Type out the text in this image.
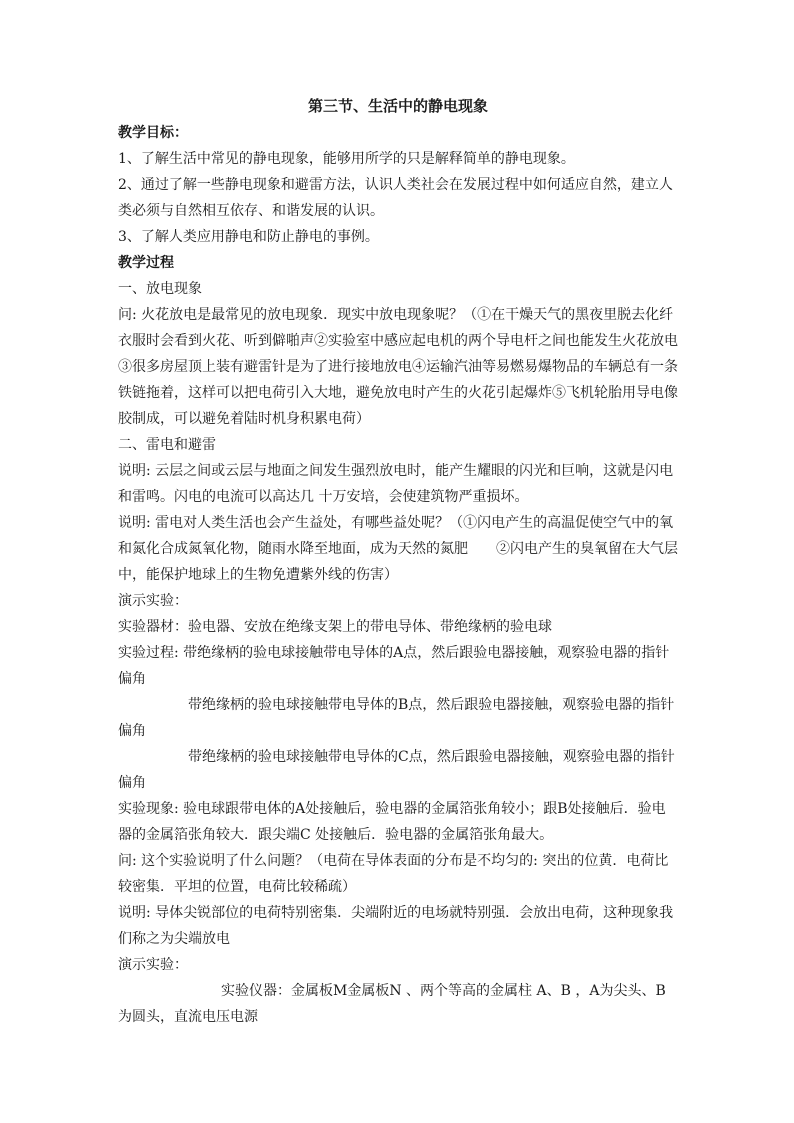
第三节、生活中的静电现象
教学目标：
1、了解生活中常见的静电现象，能够用所学的只是解释简单的静电现象。
2、通过了解一些静电现象和避雷方法，认识人类社会在发展过程中如何适应自然，建立人类必须与自然相互依存、和谐发展的认识。
3、了解人类应用静电和防止静电的事例。
教学过程
一、放电现象
问: 火花放电是最常见的放电现象．现实中放电现象呢？（①在干燥天气的黑夜里脱去化纤衣服时会看到火花、听到僻啪声②实验室中感应起电机的两个导电杆之间也能发生火花放电③很多房屋顶上装有避雷针是为了进行接地放电④运输汽油等易燃易爆物品的车辆总有一条铁链拖着，这样可以把电荷引入大地，避免放电时产生的火花引起爆炸⑤飞机轮胎用导电像胶制成，可以避免着陆时机身积累电荷）
二、雷电和避雷
说明: 云层之间或云层与地面之间发生强烈放电时，能产生耀眼的闪光和巨响，这就是闪电和雷鸣。闪电的电流可以高达几 十万安培，会使建筑物严重损坏。
说明: 雷电对人类生活也会产生益处，有哪些益处呢？（①闪电产生的高温促使空气中的氧和氮化合成氮氧化物，随雨水降至地面，成为天然的氮肥 ②闪电产生的臭氧留在大气层中，能保护地球上的生物免遭紫外线的伤害）
演示实验：
实验器材：验电器、安放在绝缘支架上的带电导体、带绝缘柄的验电球
实验过程: 带绝缘柄的验电球接触带电导体的A点，然后跟验电器接触，观察验电器的指针偏角
带绝缘柄的验电球接触带电导体的B点，然后跟验电器接触，观察验电器的指针偏角
带绝缘柄的验电球接触带电导体的C点，然后跟验电器接触，观察验电器的指针偏角
实验现象: 验电球跟带电体的A处接触后，验电器的金属箔张角较小；跟B处接触后．验电器的金属箔张角较大．跟尖端C 处接触后．验电器的金属箔张角最大。
问: 这个实验说明了什么问题？（电荷在导体表面的分布是不均匀的: 突出的位黄．电荷比较密集．平坦的位置，电荷比较稀疏）
说明: 导体尖锐部位的电荷特别密集．尖端附近的电场就特别强．会放出电荷，这种现象我们称之为尖端放电
演示实验：
实验仪器：金属板M金属板N 、两个等高的金属柱 A、B ，A为尖头、B为圆头，直流电压电源
